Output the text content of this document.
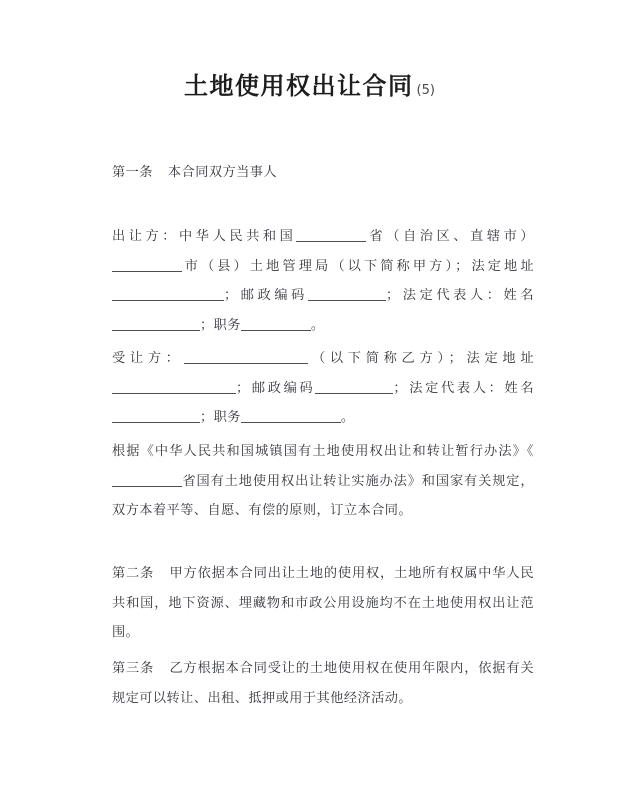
土地使用权出让合同 (5)

第一条 本合同双方当事人

出让方：中华人民共和国	省（自治区、直辖市）市（县）土地管理局（以下简称甲方）；法定地址；邮政编码	；法定代表人：姓名；职务	。

受让方：	（以下简称乙方）；法定地址；邮政编码	；法定代表人：姓名；职务	。

根据《中华人民共和国城镇国有土地使用权出让和转让暂行办法》《省国有土地使用权出让转让实施办法》和国家有关规定，双方本着平等、自愿、有偿的原则，订立本合同。

第二条 甲方依据本合同出让土地的使用权，土地所有权属中华人民共和国，地下资源、埋藏物和市政公用设施均不在土地使用权出让范围。

第三条 乙方根据本合同受让的土地使用权在使用年限内，依据有关规定可以转让、出租、抵押或用于其他经济活动。
